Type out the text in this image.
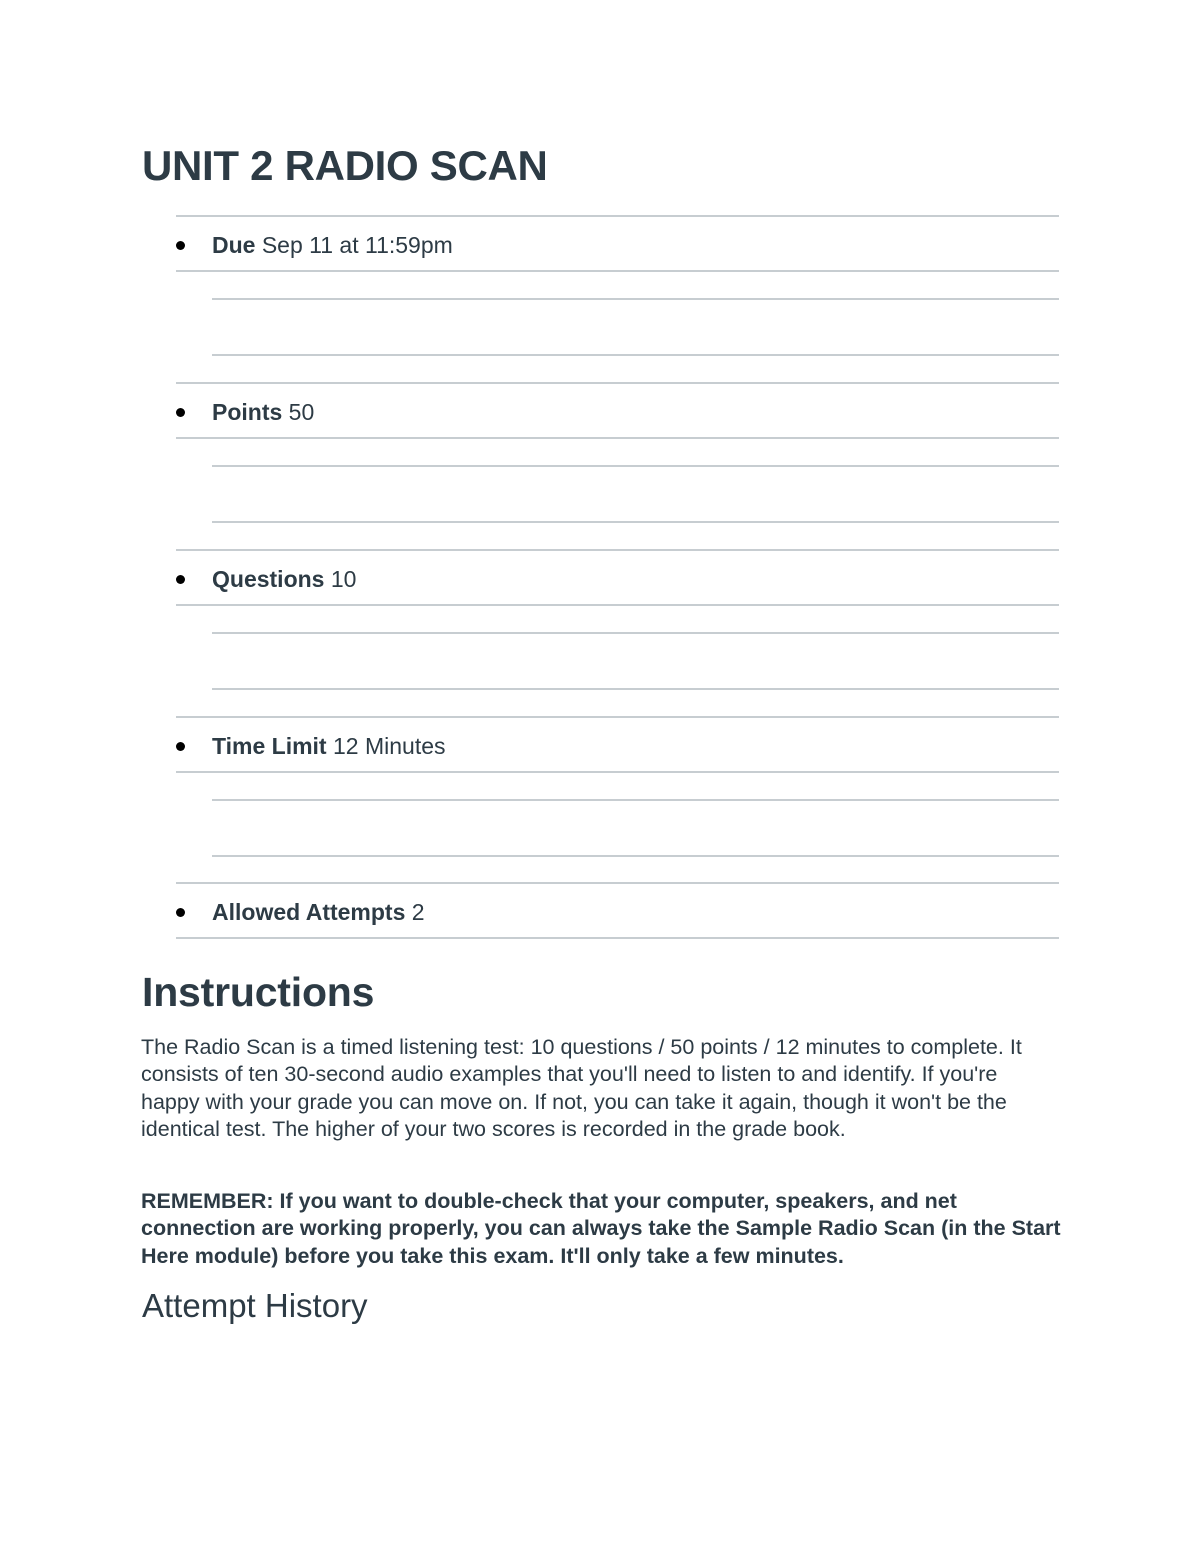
UNIT 2 RADIO SCAN
Due Sep 11 at 11:59pm
Points 50
Questions 10
Time Limit 12 Minutes
Allowed Attempts 2
Instructions

The Radio Scan is a timed listening test: 10 questions / 50 points / 12 minutes to complete. It consists of ten 30-second audio examples that you'll need to listen to and identify. If you're happy with your grade you can move on. If not, you can take it again, though it won't be the identical test. The higher of your two scores is recorded in the grade book.

REMEMBER: If you want to double-check that your computer, speakers, and net connection are working properly, you can always take the Sample Radio Scan (in the Start Here module) before you take this exam. It'll only take a few minutes.

Attempt History
